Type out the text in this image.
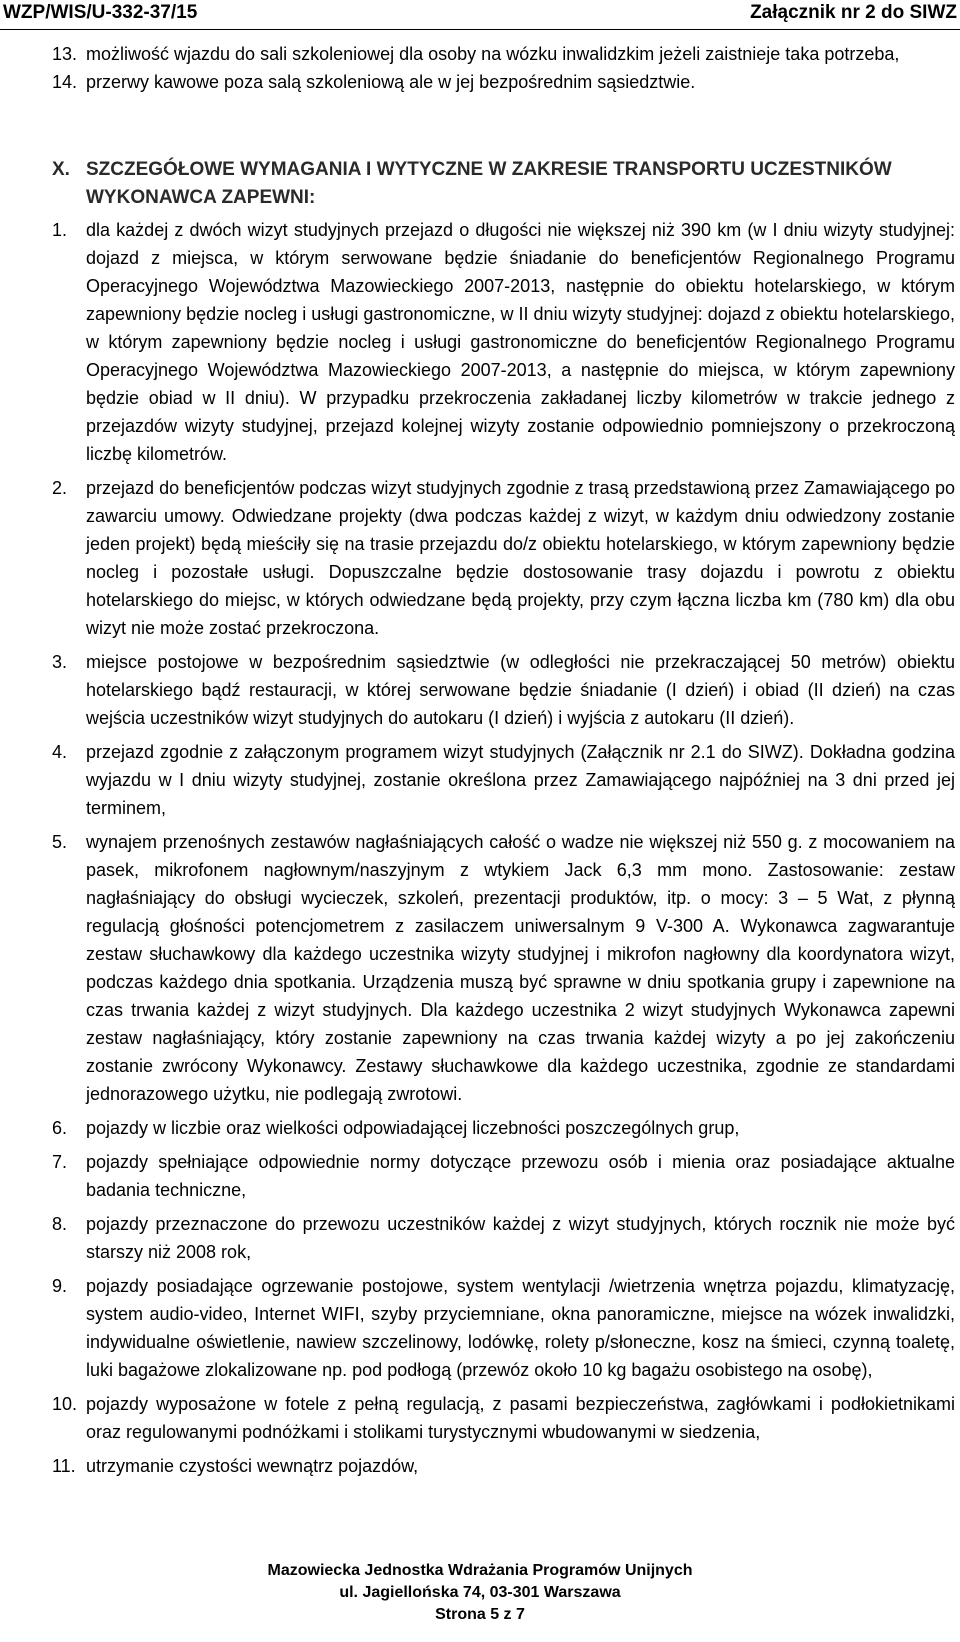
WZP/WIS/U-332-37/15	Załącznik nr 2 do SIWZ
13. możliwość wjazdu do sali szkoleniowej dla osoby na wózku inwalidzkim jeżeli zaistnieje taka potrzeba,
14. przerwy kawowe poza salą szkoleniową ale w jej bezpośrednim sąsiedztwie.
X. SZCZEGÓŁOWE WYMAGANIA I WYTYCZNE W ZAKRESIE TRANSPORTU UCZESTNIKÓW WYKONAWCA ZAPEWNI:
1.	dla każdej z dwóch wizyt studyjnych przejazd o długości nie większej niż 390 km (w I dniu wizyty studyjnej: dojazd z miejsca, w którym serwowane będzie śniadanie do beneficjentów Regionalnego Programu Operacyjnego Województwa Mazowieckiego 2007-2013, następnie do obiektu hotelarskiego, w którym zapewniony będzie nocleg i usługi gastronomiczne, w II dniu wizyty studyjnej: dojazd z obiektu hotelarskiego, w którym zapewniony będzie nocleg i usługi gastronomiczne do beneficjentów Regionalnego Programu Operacyjnego Województwa Mazowieckiego 2007-2013, a następnie do miejsca, w którym zapewniony będzie obiad w II dniu). W przypadku przekroczenia zakładanej liczby kilometrów w trakcie jednego z przejazdów wizyty studyjnej, przejazd kolejnej wizyty zostanie odpowiednio pomniejszony o przekroczoną liczbę kilometrów.
2.	przejazd do beneficjentów podczas wizyt studyjnych zgodnie z trasą przedstawioną przez Zamawiającego po zawarciu umowy. Odwiedzane projekty (dwa podczas każdej z wizyt, w każdym dniu odwiedzony zostanie jeden projekt) będą mieściły się na trasie przejazdu do/z obiektu hotelarskiego, w którym zapewniony będzie nocleg i pozostałe usługi. Dopuszczalne będzie dostosowanie trasy dojazdu i powrotu z obiektu hotelarskiego do miejsc, w których odwiedzane będą projekty, przy czym łączna liczba km (780 km) dla obu wizyt nie może zostać przekroczona.
3.	miejsce postojowe w bezpośrednim sąsiedztwie (w odległości nie przekraczającej 50 metrów) obiektu hotelarskiego bądź restauracji, w której serwowane będzie śniadanie (I dzień) i obiad (II dzień) na czas wejścia uczestników wizyt studyjnych do autokaru (I dzień) i wyjścia z autokaru (II dzień).
4.	przejazd zgodnie z załączonym programem wizyt studyjnych (Załącznik nr 2.1 do SIWZ). Dokładna godzina wyjazdu w I dniu wizyty studyjnej, zostanie określona przez Zamawiającego najpóźniej na 3 dni przed jej terminem,
5.	wynajem przenośnych zestawów nagłaśniających całość o wadze nie większej niż 550 g. z mocowaniem na pasek, mikrofonem nagłownym/naszyjnym z wtykiem Jack 6,3 mm mono. Zastosowanie: zestaw nagłaśniający do obsługi wycieczek, szkoleń, prezentacji produktów, itp. o mocy: 3 – 5 Wat, z płynną regulacją głośności potencjometrem z zasilaczem uniwersalnym 9 V-300 A. Wykonawca zagwarantuje zestaw słuchawkowy dla każdego uczestnika wizyty studyjnej i mikrofon nagłowny dla koordynatora wizyt, podczas każdego dnia spotkania. Urządzenia muszą być sprawne w dniu spotkania grupy i zapewnione na czas trwania każdej z wizyt studyjnych. Dla każdego uczestnika 2 wizyt studyjnych Wykonawca zapewni zestaw nagłaśniający, który zostanie zapewniony na czas trwania każdej wizyty a po jej zakończeniu zostanie zwrócony Wykonawcy. Zestawy słuchawkowe dla każdego uczestnika, zgodnie ze standardami jednorazowego użytku, nie podlegają zwrotowi.
6.	pojazdy w liczbie oraz wielkości odpowiadającej liczebności poszczególnych grup,
7.	pojazdy spełniające odpowiednie normy dotyczące przewozu osób i mienia oraz posiadające aktualne badania techniczne,
8.	pojazdy przeznaczone do przewozu uczestników każdej z wizyt studyjnych, których rocznik nie może być starszy niż 2008 rok,
9.	pojazdy posiadające ogrzewanie postojowe, system wentylacji /wietrzenia wnętrza pojazdu, klimatyzację, system audio-video, Internet WIFI, szyby przyciemniane, okna panoramiczne, miejsce na wózek inwalidzki, indywidualne oświetlenie, nawiew szczelinowy, lodówkę, rolety p/słoneczne, kosz na śmieci, czynną toaletę, luki bagażowe zlokalizowane np. pod podłogą (przewóz około 10 kg bagażu osobistego na osobę),
10. pojazdy wyposażone w fotele z pełną regulacją, z pasami bezpieczeństwa, zagłówkami i podłokietnikami oraz regulowanymi podnóżkami i stolikami turystycznymi wbudowanymi w siedzenia,
11. utrzymanie czystości wewnątrz pojazdów,
Mazowiecka Jednostka Wdrażania Programów Unijnych
ul. Jagiellońska 74, 03-301 Warszawa
Strona 5 z 7
